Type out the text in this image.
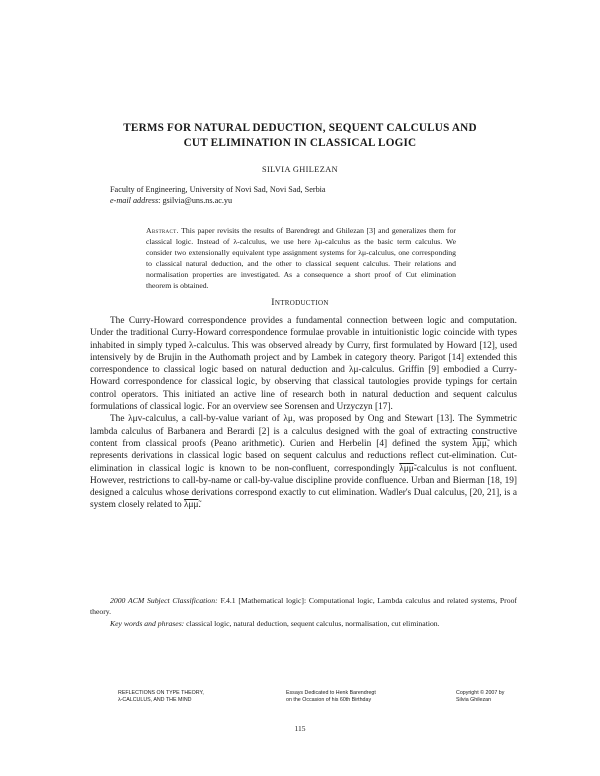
TERMS FOR NATURAL DEDUCTION, SEQUENT CALCULUS AND
CUT ELIMINATION IN CLASSICAL LOGIC
SILVIA GHILEZAN
Faculty of Engineering, University of Novi Sad, Novi Sad, Serbia
e-mail address: gsilvia@uns.ns.ac.yu
Abstract. This paper revisits the results of Barendregt and Ghilezan [3] and generalizes them for classical logic. Instead of λ-calculus, we use here λμ-calculus as the basic term calculus. We consider two extensionally equivalent type assignment systems for λμ-calculus, one corresponding to classical natural deduction, and the other to classical sequent calculus. Their relations and normalisation properties are investigated. As a consequence a short proof of Cut elimination theorem is obtained.
Introduction

The Curry-Howard correspondence provides a fundamental connection between logic and computation. Under the traditional Curry-Howard correspondence formulae provable in intuitionistic logic coincide with types inhabited in simply typed λ-calculus. This was observed already by Curry, first formulated by Howard [12], used intensively by de Brujin in the Authomath project and by Lambek in category theory. Parigot [14] extended this correspondence to classical logic based on natural deduction and λμ-calculus. Griffin [9] embodied a Curry-Howard correspondence for classical logic, by observing that classical tautologies provide typings for certain control operators. This initiated an active line of research both in natural deduction and sequent calculus formulations of classical logic. For an overview see Sorensen and Urzyczyn [17].

The λμv-calculus, a call-by-value variant of λμ, was proposed by Ong and Stewart [13]. The Symmetric lambda calculus of Barbanera and Berardi [2] is a calculus designed with the goal of extracting constructive content from classical proofs (Peano arithmetic). Curien and Herbelin [4] defined the system λμμ̃, which represents derivations in classical logic based on sequent calculus and reductions reflect cut-elimination. Cut-elimination in classical logic is known to be non-confluent, correspondingly λμμ̃-calculus is not confluent. However, restrictions to call-by-name or call-by-value discipline provide confluence. Urban and Bierman [18, 19] designed a calculus whose derivations correspond exactly to cut elimination. Wadler's Dual calculus, [20, 21], is a system closely related to λμμ̃.

2000 ACM Subject Classification: F.4.1 [Mathematical logic]: Computational logic, Lambda calculus and related systems, Proof theory.

Key words and phrases: classical logic, natural deduction, sequent calculus, normalisation, cut elimination.

REFLECTIONS ON TYPE THEORY,
λ-CALCULUS, AND THE MIND
Essays Dedicated to Henk Barendregt
on the Occasion of his 60th Birthday
Copyright © 2007 by
Silvia Ghilezan
115
